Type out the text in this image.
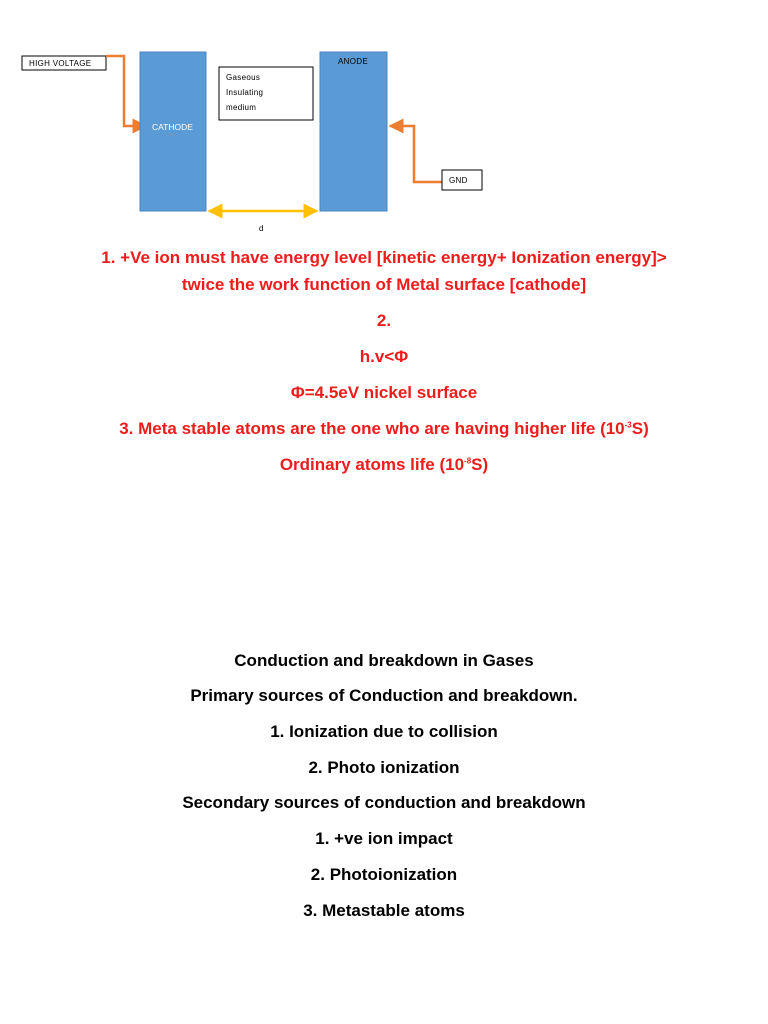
HIGH VOLTAGE
CATHODE
Gaseous
Insulating
medium
ANODE
GND
d
1. +Ve ion must have energy level [kinetic energy+ Ionization energy]>
twice the work function of Metal surface [cathode]
2.
h.v<Φ
Φ=4.5eV nickel surface
3. Meta stable atoms are the one who are having higher life $(10^{-3}S)$
Ordinary atoms life $(10^{-8}S)$
Conduction and breakdown in Gases
Primary sources of Conduction and breakdown.
1. Ionization due to collision
2. Photo ionization
Secondary sources of conduction and breakdown
1. +ve ion impact
2. Photoionization
3. Metastable atoms
